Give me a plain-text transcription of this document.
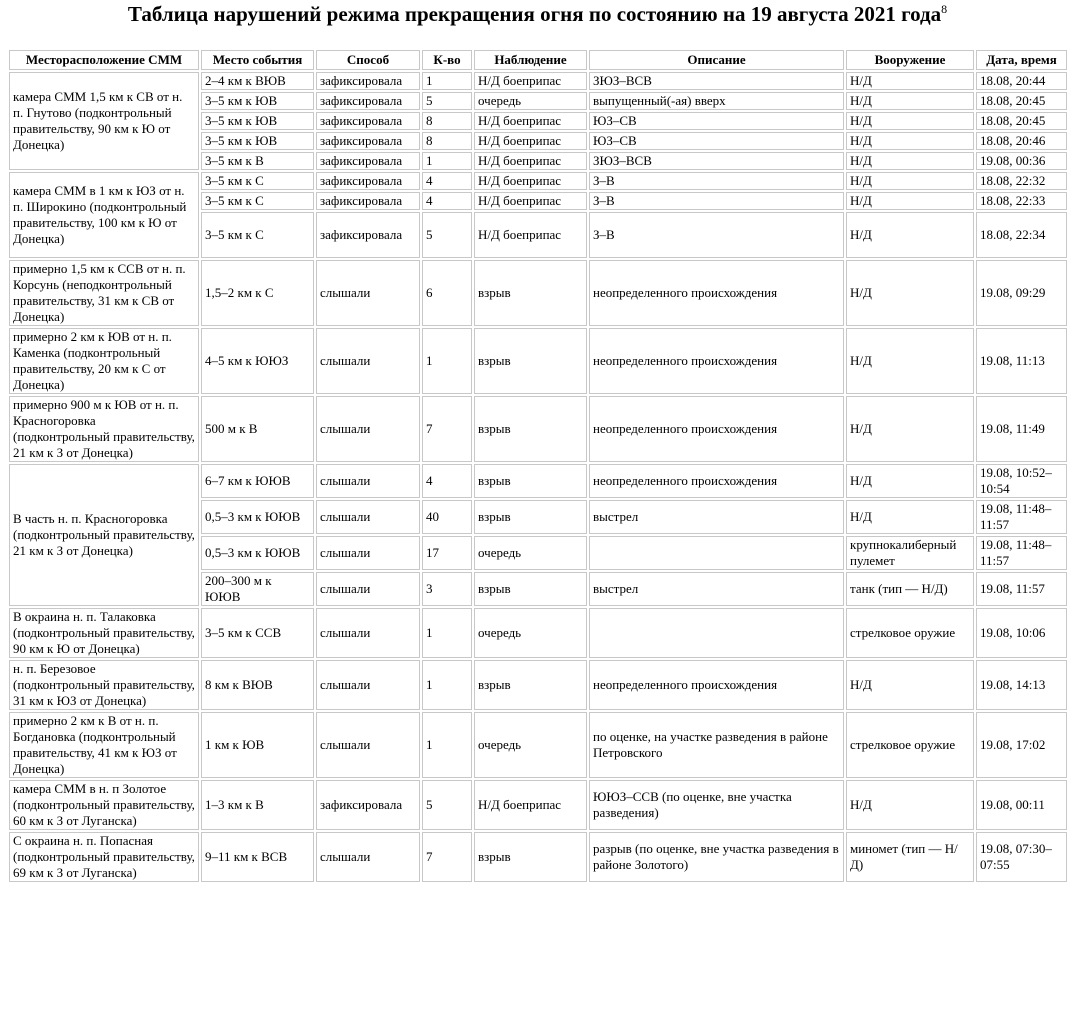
Таблица нарушений режима прекращения огня по состоянию на 19 августа 2021 года$^8$
Месторасположение СММ	Место события	Способ	К-во	Наблюдение	Описание	Вооружение	Дата, время
камера СММ 1,5 км к СВ от н. п. Гнутово (подконтрольный правительству, 90 км к Ю от Донецка)	2–4 км к ВЮВ	зафиксировала	1	Н/Д боеприпас	ЗЮЗ–ВСВ	Н/Д	18.08, 20:44
	3–5 км к ЮВ	зафиксировала	5	очередь	выпущенный(-ая) вверх	Н/Д	18.08, 20:45
	3–5 км к ЮВ	зафиксировала	8	Н/Д боеприпас	ЮЗ–СВ	Н/Д	18.08, 20:45
	3–5 км к ЮВ	зафиксировала	8	Н/Д боеприпас	ЮЗ–СВ	Н/Д	18.08, 20:46
	3–5 км к В	зафиксировала	1	Н/Д боеприпас	ЗЮЗ–ВСВ	Н/Д	19.08, 00:36
камера СММ в 1 км к ЮЗ от н. п. Широкино (подконтрольный правительству, 100 км к Ю от Донецка)	3–5 км к С	зафиксировала	4	Н/Д боеприпас	З–В	Н/Д	18.08, 22:32
	3–5 км к С	зафиксировала	4	Н/Д боеприпас	З–В	Н/Д	18.08, 22:33
	3–5 км к С	зафиксировала	5	Н/Д боеприпас	З–В	Н/Д	18.08, 22:34
примерно 1,5 км к ССВ от н. п. Корсунь (неподконтрольный правительству, 31 км к СВ от Донецка)	1,5–2 км к С	слышали	6	взрыв	неопределенного происхождения	Н/Д	19.08, 09:29
примерно 2 км к ЮВ от н. п. Каменка (подконтрольный правительству, 20 км к С от Донецка)	4–5 км к ЮЮЗ	слышали	1	взрыв	неопределенного происхождения	Н/Д	19.08, 11:13
примерно 900 м к ЮВ от н. п. Красногоровка (подконтрольный правительству, 21 км к З от Донецка)	500 м к В	слышали	7	взрыв	неопределенного происхождения	Н/Д	19.08, 11:49
В часть н. п. Красногоровка (подконтрольный правительству, 21 км к З от Донецка)	6–7 км к ЮЮВ	слышали	4	взрыв	неопределенного происхождения	Н/Д	19.08, 10:52–10:54
	0,5–3 км к ЮЮВ	слышали	40	взрыв	выстрел	Н/Д	19.08, 11:48–11:57
	0,5–3 км к ЮЮВ	слышали	17	очередь		крупнокалиберный пулемет	19.08, 11:48–11:57
	200–300 м к ЮЮВ	слышали	3	взрыв	выстрел	танк (тип — Н/Д)	19.08, 11:57
В окраина н. п. Талаковка (подконтрольный правительству, 90 км к Ю от Донецка)	3–5 км к ССВ	слышали	1	очередь		стрелковое оружие	19.08, 10:06
н. п. Березовое (подконтрольный правительству, 31 км к ЮЗ от Донецка)	8 км к ВЮВ	слышали	1	взрыв	неопределенного происхождения	Н/Д	19.08, 14:13
примерно 2 км к В от н. п. Богдановка (подконтрольный правительству, 41 км к ЮЗ от Донецка)	1 км к ЮВ	слышали	1	очередь	по оценке, на участке разведения в районе Петровского	стрелковое оружие	19.08, 17:02
камера СММ в н. п Золотое (подконтрольный правительству, 60 км к З от Луганска)	1–3 км к В	зафиксировала	5	Н/Д боеприпас	ЮЮЗ–ССВ (по оценке, вне участка разведения)	Н/Д	19.08, 00:11
С окраина н. п. Попасная (подконтрольный правительству, 69 км к З от Луганска)	9–11 км к ВСВ	слышали	7	взрыв	разрыв (по оценке, вне участка разведения в районе Золотого)	миномет (тип — Н/Д)	19.08, 07:30–07:55
